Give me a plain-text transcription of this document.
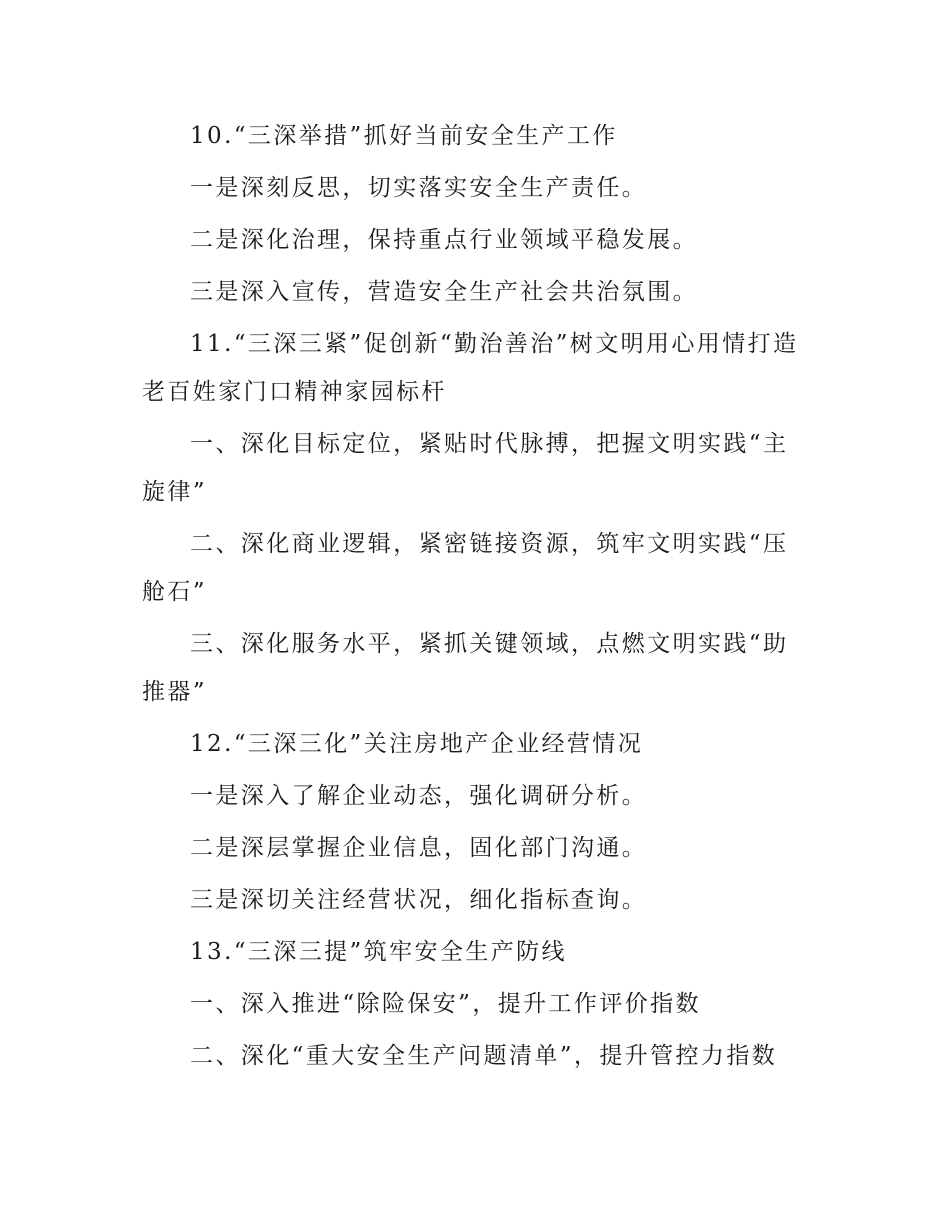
10.“三深举措”抓好当前安全生产工作

一是深刻反思，切实落实安全生产责任。

二是深化治理，保持重点行业领域平稳发展。

三是深入宣传，营造安全生产社会共治氛围。

11.“三深三紧”促创新“勤治善治”树文明用心用情打造老百姓家门口精神家园标杆

一、深化目标定位，紧贴时代脉搏，把握文明实践“主旋律”

二、深化商业逻辑，紧密链接资源，筑牢文明实践“压舱石”

三、深化服务水平，紧抓关键领域，点燃文明实践“助推器”

12.“三深三化”关注房地产企业经营情况

一是深入了解企业动态，强化调研分析。

二是深层掌握企业信息，固化部门沟通。

三是深切关注经营状况，细化指标查询。

13.“三深三提”筑牢安全生产防线

一、深入推进“除险保安”，提升工作评价指数

二、深化“重大安全生产问题清单”，提升管控力指数
